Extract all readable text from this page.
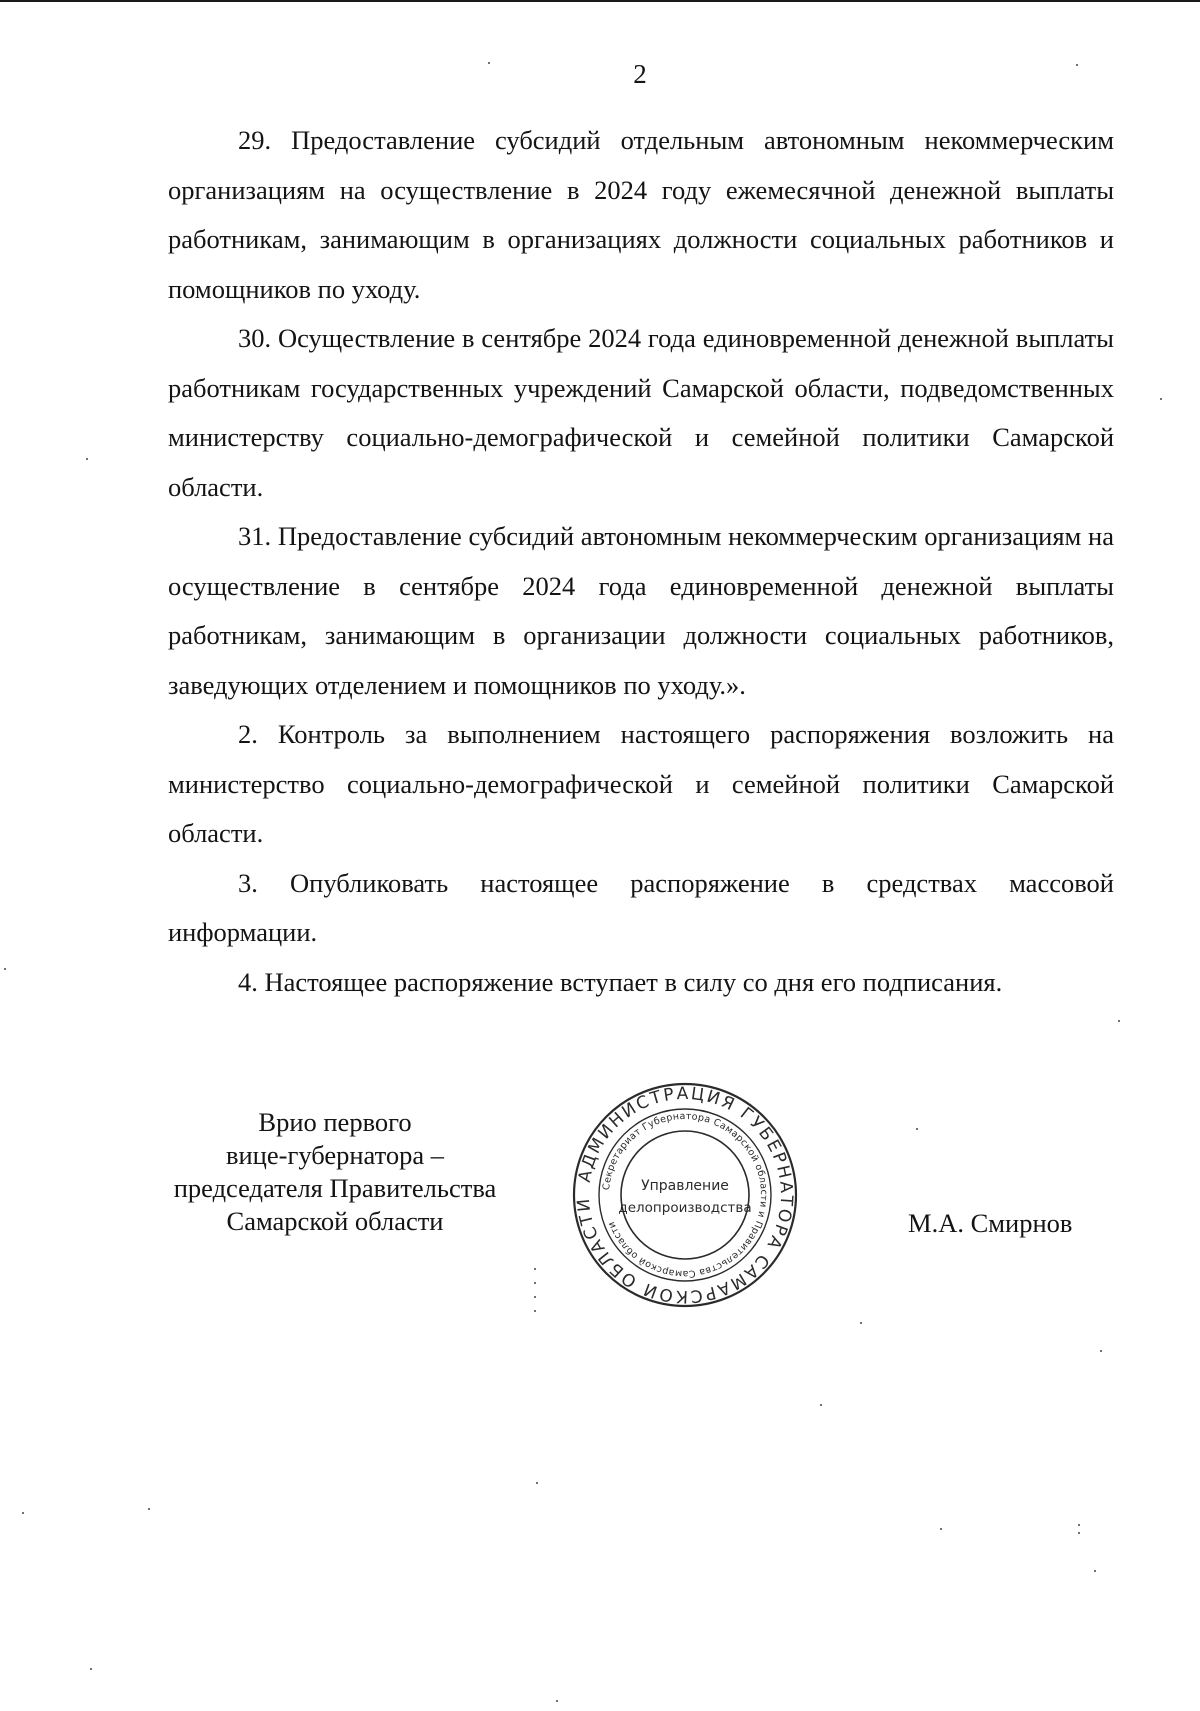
2

29. Предоставление субсидий отдельным автономным некоммерческим организациям на осуществление в 2024 году ежемесячной денежной выплаты работникам, занимающим в организациях должности социальных работников и помощников по уходу.

30. Осуществление в сентябре 2024 года единовременной денежной выплаты работникам государственных учреждений Самарской области, подведомственных министерству социально-демографической и семейной политики Самарской области.

31. Предоставление субсидий автономным некоммерческим организациям на осуществление в сентябре 2024 года единовременной денежной выплаты работникам, занимающим в организации должности социальных работников, заведующих отделением и помощников по уходу.».

2. Контроль за выполнением настоящего распоряжения возложить на министерство социально-демографической и семейной политики Самарской области.

3. Опубликовать настоящее распоряжение в средствах массовой информации.

4. Настоящее распоряжение вступает в силу со дня его подписания.

Врио первого
вице-губернатора –
председателя Правительства
Самарской области	М.А. Смирнов
АДМИНИСТРАЦИЯ ГУБЕРНАТОРА САМАРСКОЙ ОБЛАСТИ
Секретариат Губернатора Самарской области и Правительства Самарской области
Управление
делопроизводства
